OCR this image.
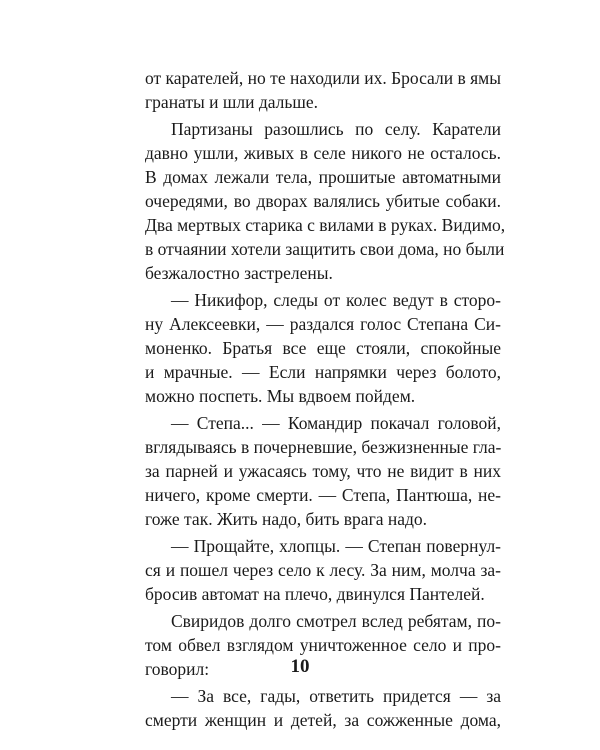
от карателей, но те находили их. Бросали в ямы
гранаты и шли дальше.
Партизаны разошлись по селу. Каратели
давно ушли, живых в селе никого не осталось.
В домах лежали тела, прошитые автоматными
очередями, во дворах валялись убитые собаки.
Два мертвых старика с вилами в руках. Видимо,
в отчаянии хотели защитить свои дома, но были
безжалостно застрелены.
— Никифор, следы от колес ведут в сторо-
ну Алексеевки, — раздался голос Степана Си-
моненко. Братья все еще стояли, спокойные
и мрачные. — Если напрямки через болото,
можно поспеть. Мы вдвоем пойдем.
— Степа... — Командир покачал головой,
вглядываясь в почерневшие, безжизненные гла-
за парней и ужасаясь тому, что не видит в них
ничего, кроме смерти. — Степа, Пантюша, не-
гоже так. Жить надо, бить врага надо.
— Прощайте, хлопцы. — Степан повернул-
ся и пошел через село к лесу. За ним, молча за-
бросив автомат на плечо, двинулся Пантелей.
Свиридов долго смотрел вслед ребятам, по-
том обвел взглядом уничтоженное село и про-
говорил:
— За все, гады, ответить придется — за
смерти женщин и детей, за сожженные дома,
10
